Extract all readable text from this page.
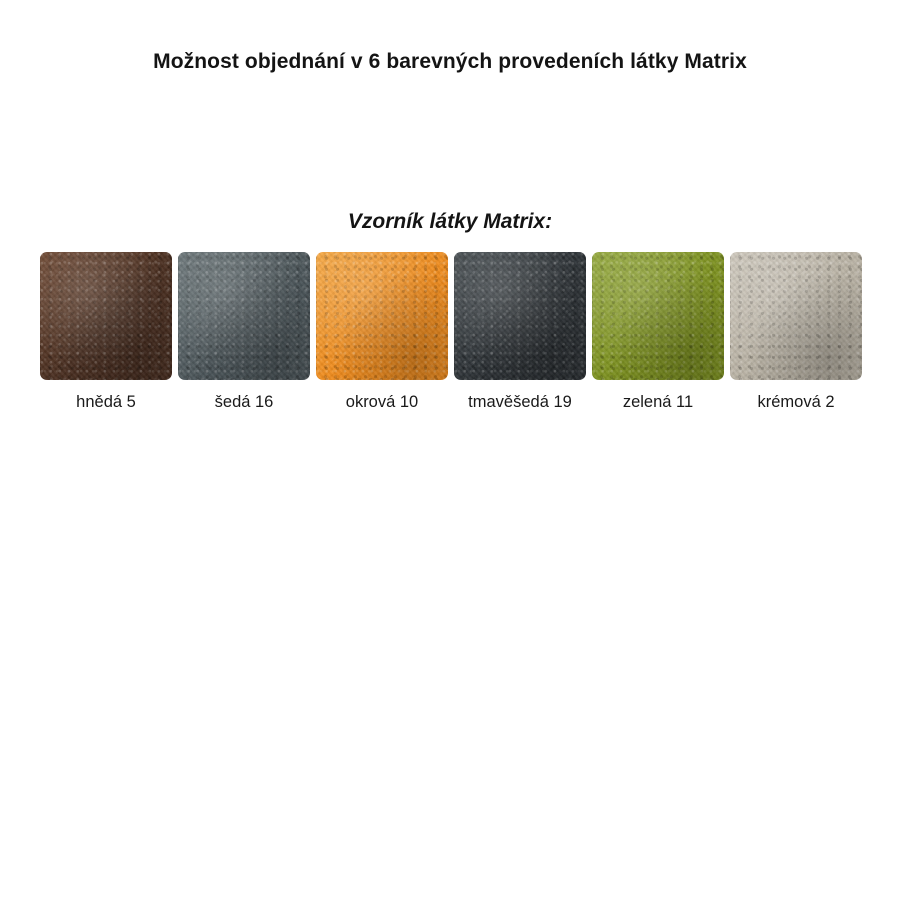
Možnost objednání v 6 barevných provedeních látky Matrix
Vzorník látky Matrix:
hnědá 5	šedá 16	okrová 10	tmavěšedá 19	zelená 11	krémová 2
